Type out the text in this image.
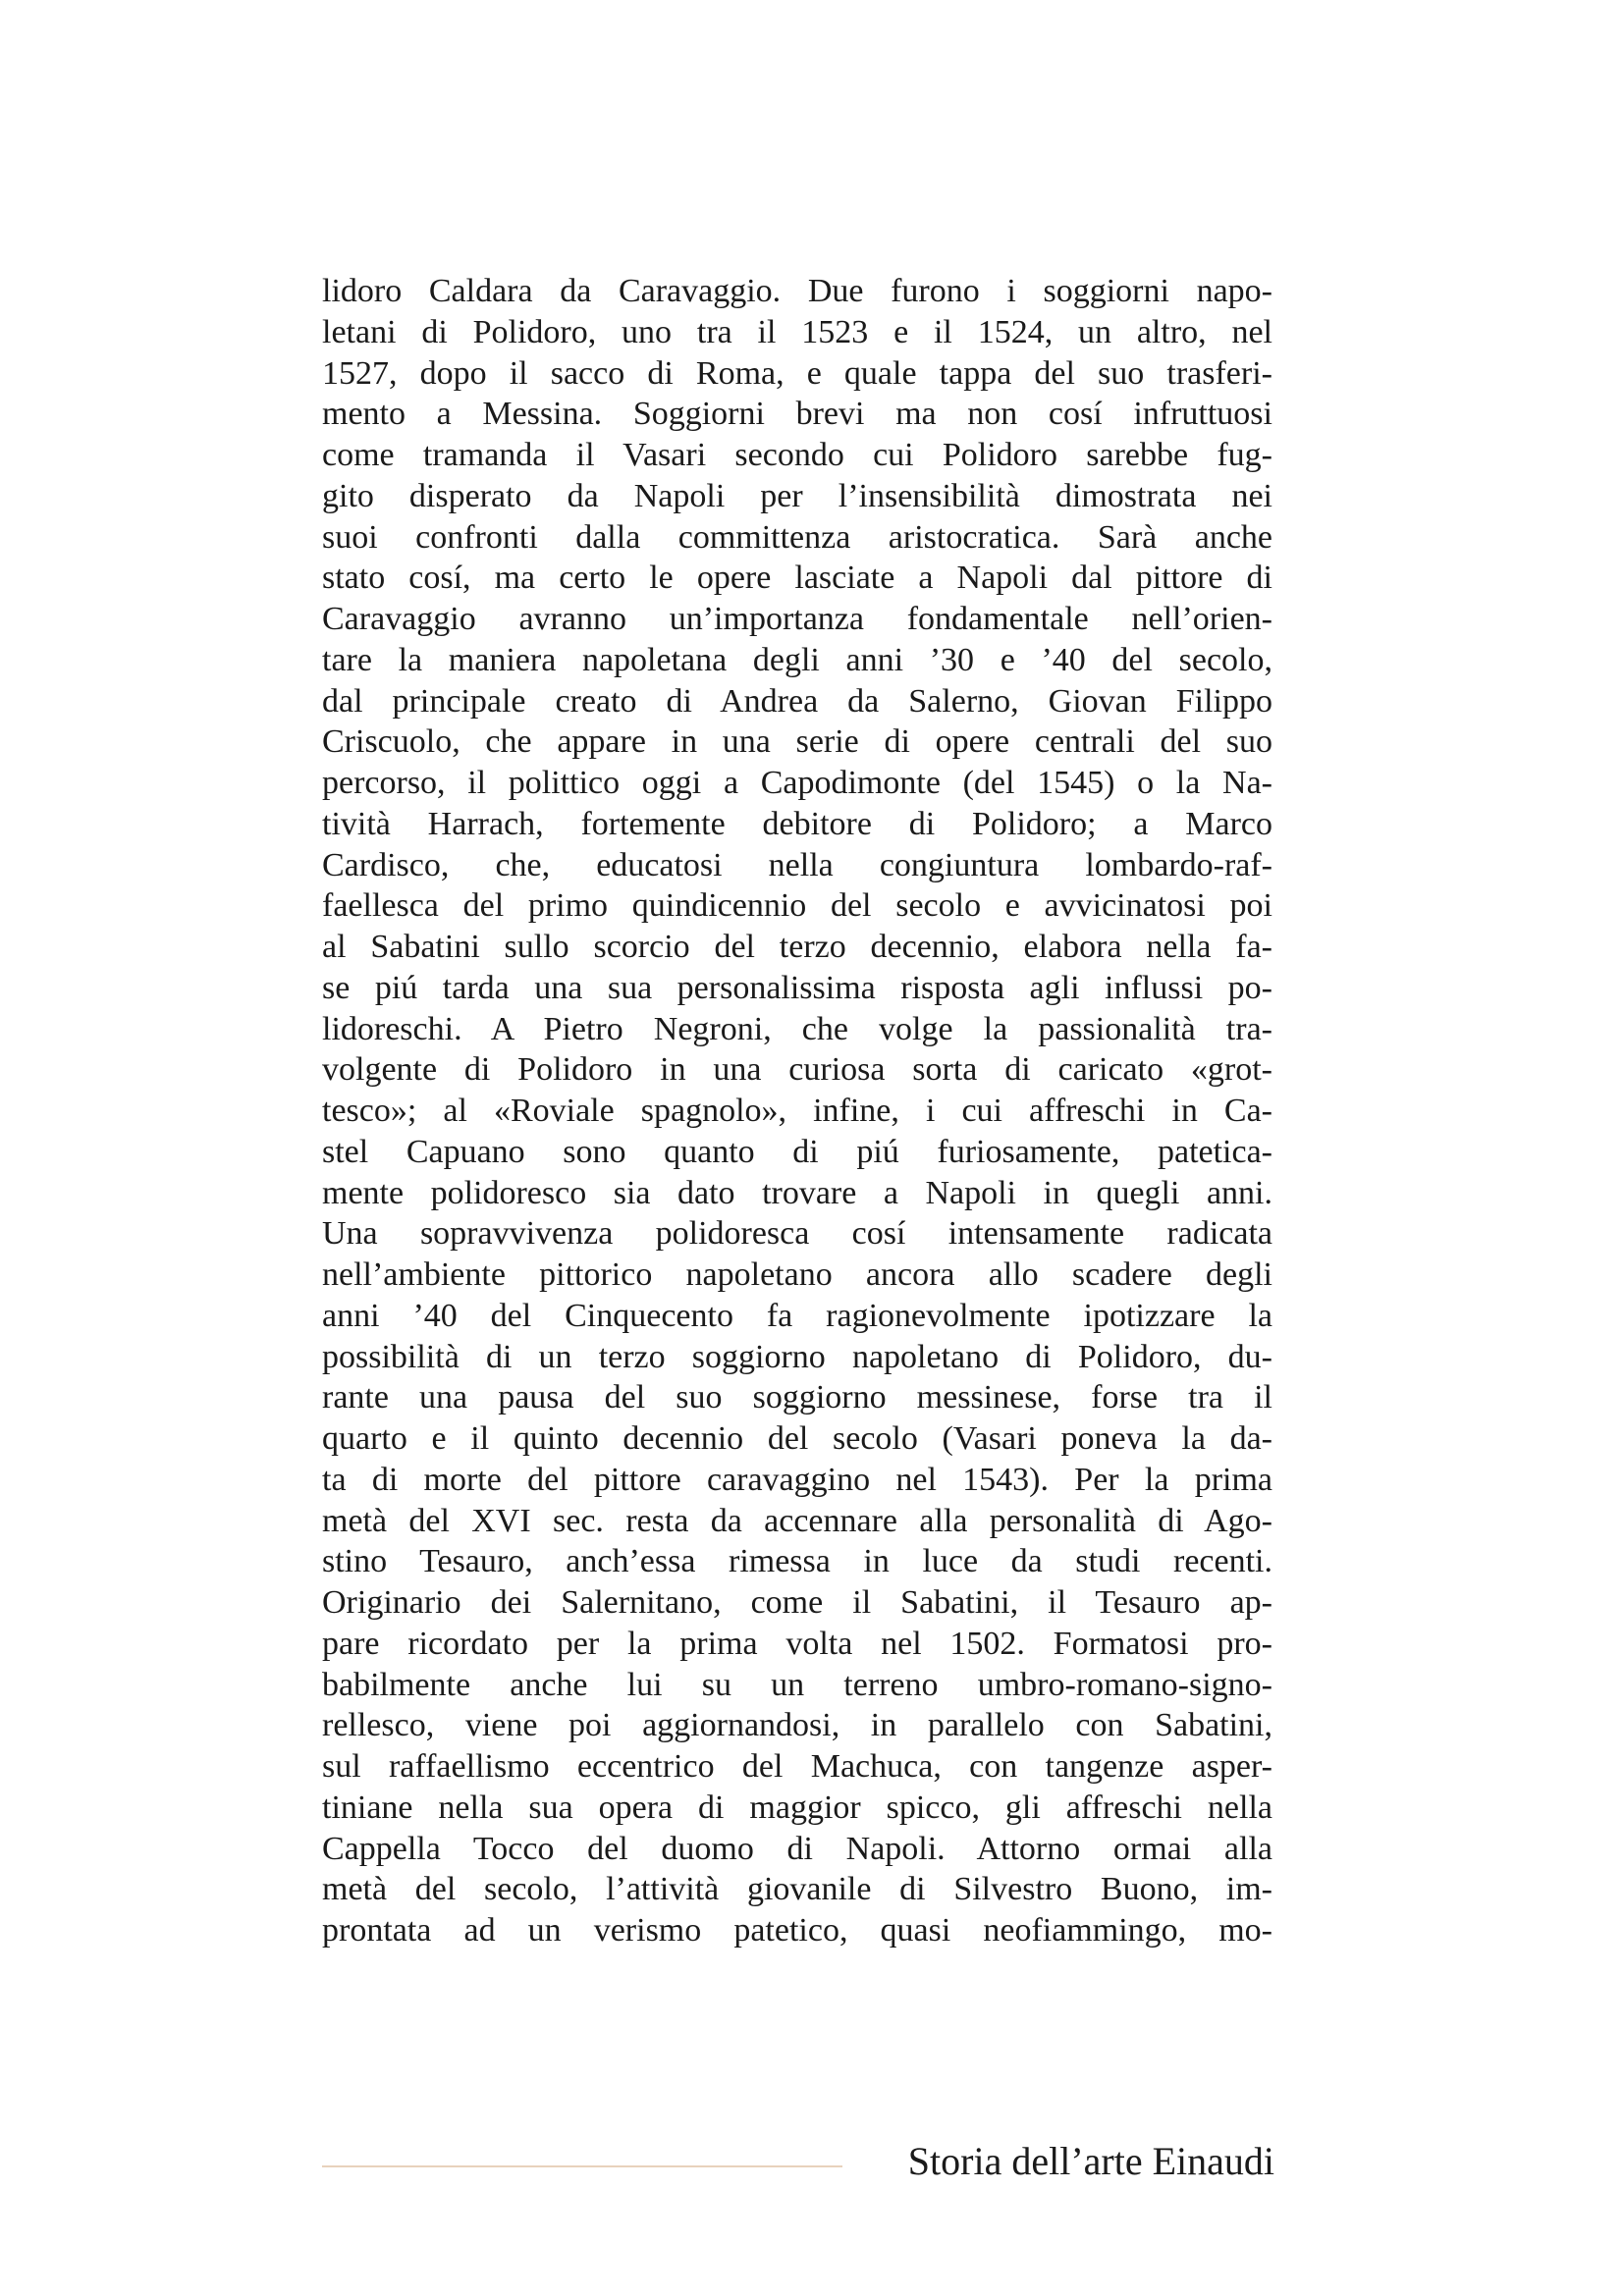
lidoro Caldara da Caravaggio. Due furono i soggiorni napo-
letani di Polidoro, uno tra il 1523 e il 1524, un altro, nel
1527, dopo il sacco di Roma, e quale tappa del suo trasferi-
mento a Messina. Soggiorni brevi ma non cosí infruttuosi
come tramanda il Vasari secondo cui Polidoro sarebbe fug-
gito disperato da Napoli per l’insensibilità dimostrata nei
suoi confronti dalla committenza aristocratica. Sarà anche
stato cosí, ma certo le opere lasciate a Napoli dal pittore di
Caravaggio avranno un’importanza fondamentale nell’orien-
tare la maniera napoletana degli anni ’30 e ’40 del secolo,
dal principale creato di Andrea da Salerno, Giovan Filippo
Criscuolo, che appare in una serie di opere centrali del suo
percorso, il polittico oggi a Capodimonte (del 1545) o la Na-
tività Harrach, fortemente debitore di Polidoro; a Marco
Cardisco, che, educatosi nella congiuntura lombardo-raf-
faellesca del primo quindicennio del secolo e avvicinatosi poi
al Sabatini sullo scorcio del terzo decennio, elabora nella fa-
se piú tarda una sua personalissima risposta agli influssi po-
lidoreschi. A Pietro Negroni, che volge la passionalità tra-
volgente di Polidoro in una curiosa sorta di caricato «grot-
tesco»; al «Roviale spagnolo», infine, i cui affreschi in Ca-
stel Capuano sono quanto di piú furiosamente, patetica-
mente polidoresco sia dato trovare a Napoli in quegli anni.
Una sopravvivenza polidoresca cosí intensamente radicata
nell’ambiente pittorico napoletano ancora allo scadere degli
anni ’40 del Cinquecento fa ragionevolmente ipotizzare la
possibilità di un terzo soggiorno napoletano di Polidoro, du-
rante una pausa del suo soggiorno messinese, forse tra il
quarto e il quinto decennio del secolo (Vasari poneva la da-
ta di morte del pittore caravaggino nel 1543). Per la prima
metà del XVI sec. resta da accennare alla personalità di Ago-
stino Tesauro, anch’essa rimessa in luce da studi recenti.
Originario dei Salernitano, come il Sabatini, il Tesauro ap-
pare ricordato per la prima volta nel 1502. Formatosi pro-
babilmente anche lui su un terreno umbro-romano-signo-
rellesco, viene poi aggiornandosi, in parallelo con Sabatini,
sul raffaellismo eccentrico del Machuca, con tangenze asper-
tiniane nella sua opera di maggior spicco, gli affreschi nella
Cappella Tocco del duomo di Napoli. Attorno ormai alla
metà del secolo, l’attività giovanile di Silvestro Buono, im-
prontata ad un verismo patetico, quasi neofiammingo, mo-
Storia dell’arte Einaudi
